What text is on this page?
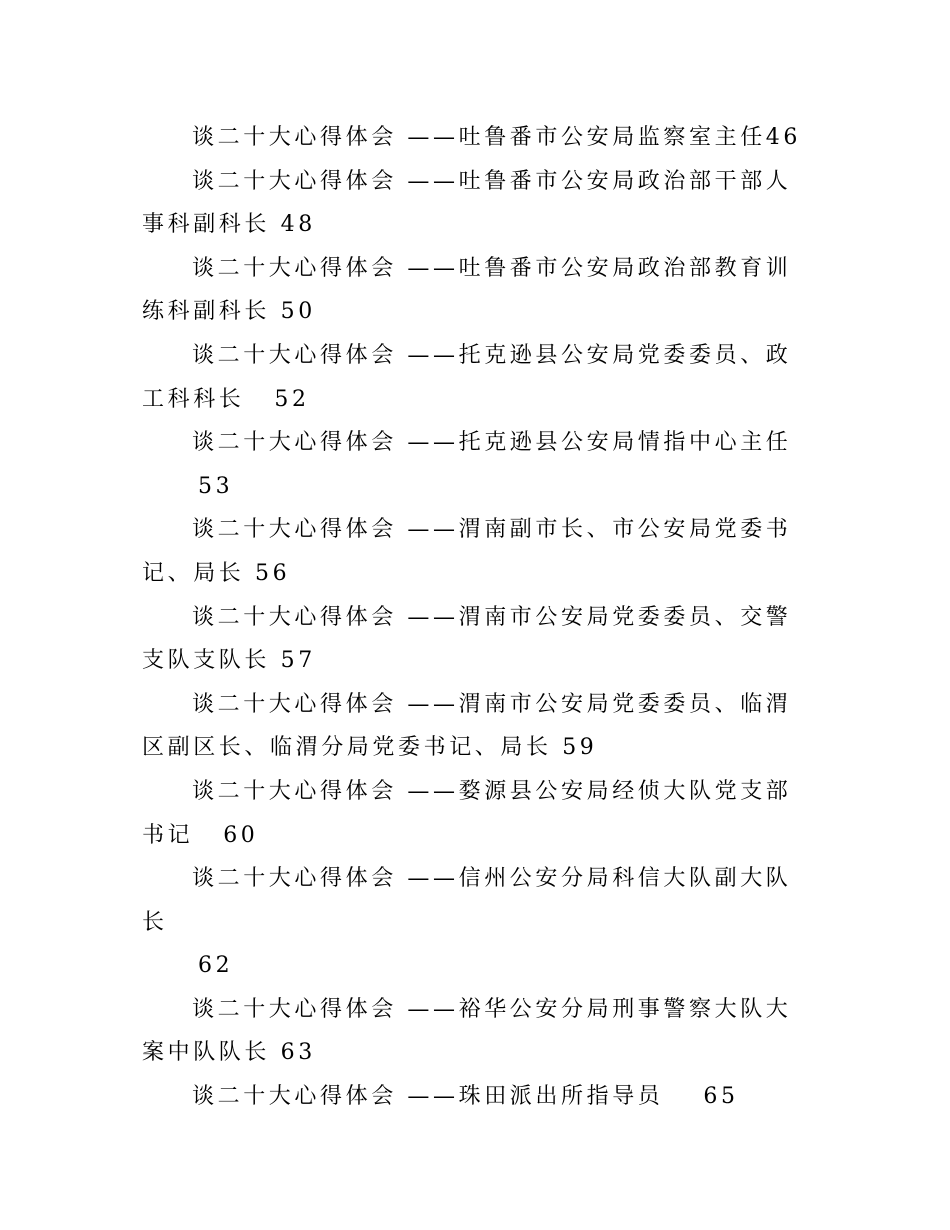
谈二十大心得体会 ——吐鲁番市公安局监察室主任46
谈二十大心得体会 ——吐鲁番市公安局政治部干部人事科副科长 48
谈二十大心得体会 ——吐鲁番市公安局政治部教育训练科副科长 50
谈二十大心得体会 ——托克逊县公安局党委委员、政工科科长 52
谈二十大心得体会 ——托克逊县公安局情指中心主任
53
谈二十大心得体会 ——渭南副市长、市公安局党委书记、局长 56
谈二十大心得体会 ——渭南市公安局党委委员、交警支队支队长 57
谈二十大心得体会 ——渭南市公安局党委委员、临渭区副区长、临渭分局党委书记、局长 59
谈二十大心得体会 ——婺源县公安局经侦大队党支部书记 60
谈二十大心得体会 ——信州公安分局科信大队副大队长
62
谈二十大心得体会 ——裕华公安分局刑事警察大队大案中队队长 63
谈二十大心得体会 ——珠田派出所指导员 65
